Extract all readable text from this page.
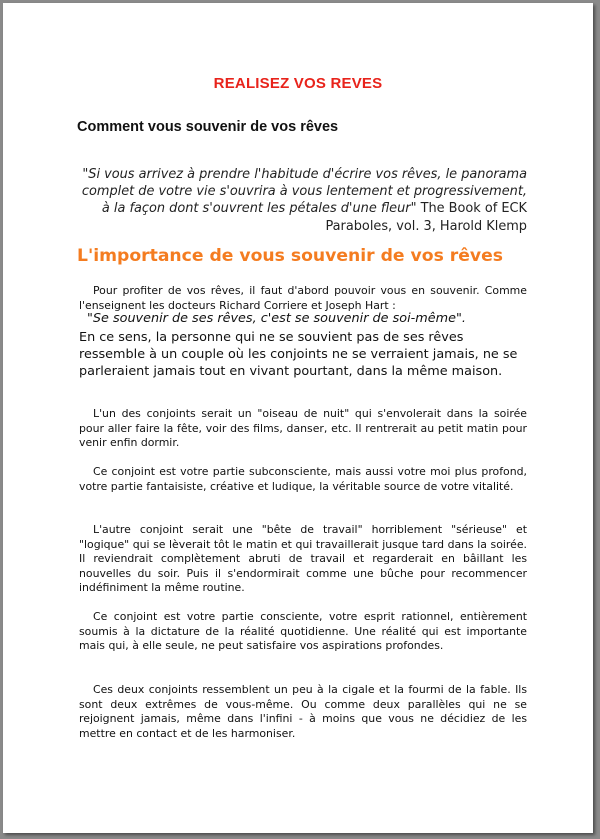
REALISEZ VOS REVES
Comment vous souvenir de vos rêves
"Si vous arrivez à prendre l'habitude d'écrire vos rêves, le panorama complet de votre vie s'ouvrira à vous lentement et progressivement, à la façon dont s'ouvrent les pétales d'une fleur" The Book of ECK Paraboles, vol. 3, Harold Klemp
L'importance de vous souvenir de vos rêves
Pour profiter de vos rêves, il faut d'abord pouvoir vous en souvenir. Comme l'enseignent les docteurs Richard Corriere et Joseph Hart :
"Se souvenir de ses rêves, c'est se souvenir de soi-même".
En ce sens, la personne qui ne se souvient pas de ses rêves ressemble à un couple où les conjoints ne se verraient jamais, ne se parleraient jamais tout en vivant pourtant, dans la même maison.
L'un des conjoints serait un "oiseau de nuit" qui s'envolerait dans la soirée pour aller faire la fête, voir des films, danser, etc. Il rentrerait au petit matin pour venir enfin dormir.
Ce conjoint est votre partie subconsciente, mais aussi votre moi plus profond, votre partie fantaisiste, créative et ludique, la véritable source de votre vitalité.
L'autre conjoint serait une "bête de travail" horriblement "sérieuse" et "logique" qui se lèverait tôt le matin et qui travaillerait jusque tard dans la soirée. Il reviendrait complètement abruti de travail et regarderait en bâillant les nouvelles du soir. Puis il s'endormirait comme une bûche pour recommencer indéfiniment la même routine.
Ce conjoint est votre partie consciente, votre esprit rationnel, entièrement soumis à la dictature de la réalité quotidienne. Une réalité qui est importante mais qui, à elle seule, ne peut satisfaire vos aspirations profondes.
Ces deux conjoints ressemblent un peu à la cigale et la fourmi de la fable. Ils sont deux extrêmes de vous-même. Ou comme deux parallèles qui ne se rejoignent jamais, même dans l'infini - à moins que vous ne décidiez de les mettre en contact et de les harmoniser.
